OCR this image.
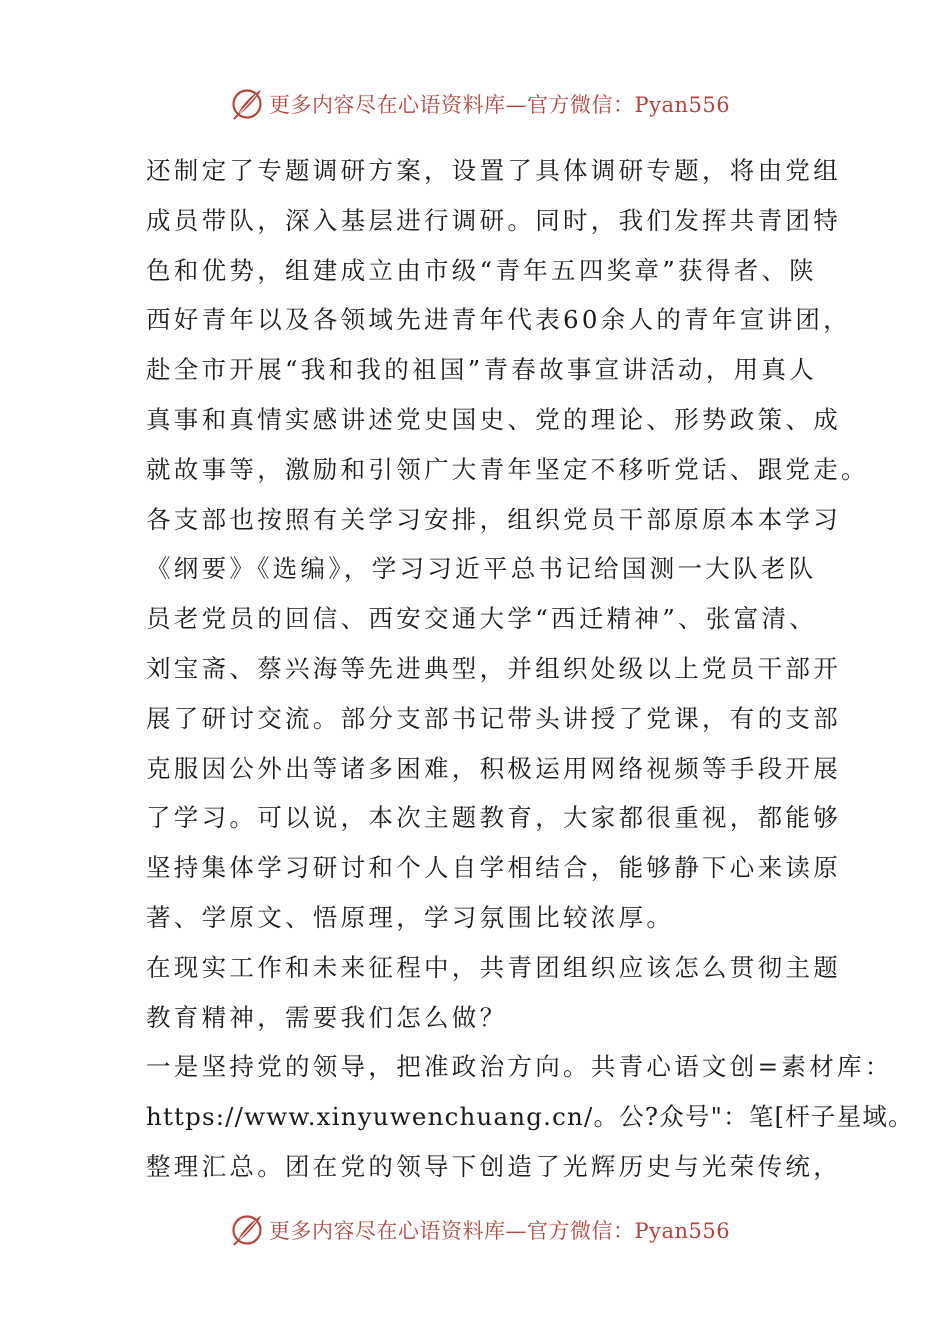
更多内容尽在心语资料库—官方微信：Pyan556
还制定了专题调研方案，设置了具体调研专题，将由党组
成员带队，深入基层进行调研。同时，我们发挥共青团特
色和优势，组建成立由市级“青年五四奖章”获得者、陕
西好青年以及各领域先进青年代表60余人的青年宣讲团，
赴全市开展“我和我的祖国”青春故事宣讲活动，用真人
真事和真情实感讲述党史国史、党的理论、形势政策、成
就故事等，激励和引领广大青年坚定不移听党话、跟党走。
各支部也按照有关学习安排，组织党员干部原原本本学习
《纲要》《选编》，学习习近平总书记给国测一大队老队
员老党员的回信、西安交通大学“西迁精神”、张富清、
刘宝斋、蔡兴海等先进典型，并组织处级以上党员干部开
展了研讨交流。部分支部书记带头讲授了党课，有的支部
克服因公外出等诸多困难，积极运用网络视频等手段开展
了学习。可以说，本次主题教育，大家都很重视，都能够
坚持集体学习研讨和个人自学相结合，能够静下心来读原
著、学原文、悟原理，学习氛围比较浓厚。
在现实工作和未来征程中，共青团组织应该怎么贯彻主题
教育精神，需要我们怎么做？
一是坚持党的领导，把准政治方向。共青心语文创=素材库：
https://www.xinyuwenchuang.cn/。公?众号"：笔[杆子星域。
整理汇总。团在党的领导下创造了光辉历史与光荣传统，
更多内容尽在心语资料库—官方微信：Pyan556
